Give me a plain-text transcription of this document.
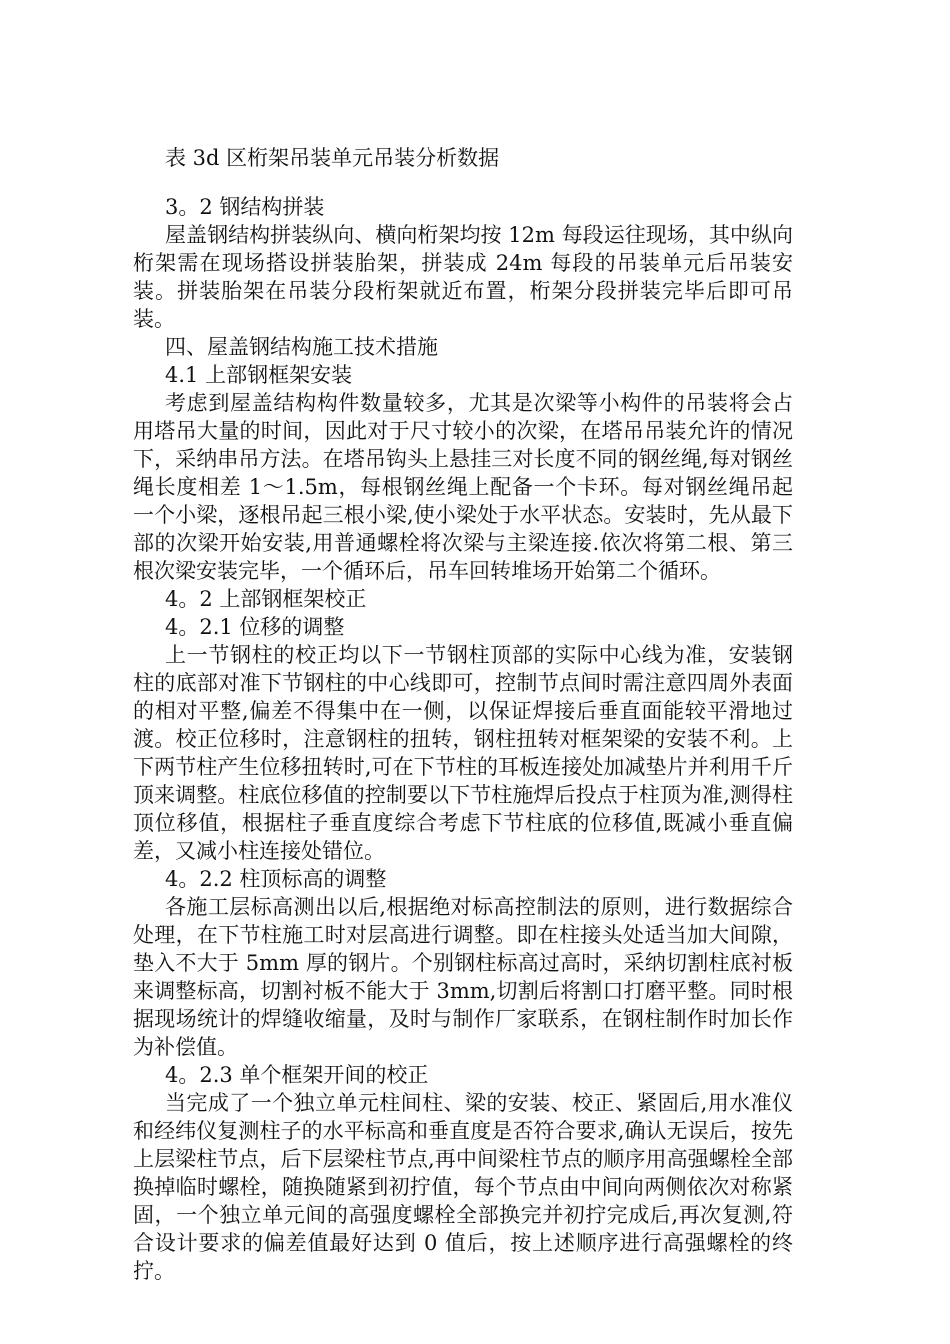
表 3d 区桁架吊装单元吊装分析数据

3。2 钢结构拼装

屋盖钢结构拼装纵向、横向桁架均按 12m 每段运往现场，其中纵向桁架需在现场搭设拼装胎架，拼装成 24m 每段的吊装单元后吊装安装。拼装胎架在吊装分段桁架就近布置，桁架分段拼装完毕后即可吊装。

四、屋盖钢结构施工技术措施

4.1 上部钢框架安装

考虑到屋盖结构构件数量较多，尤其是次梁等小构件的吊装将会占用塔吊大量的时间，因此对于尺寸较小的次梁，在塔吊吊装允许的情况下，采纳串吊方法。在塔吊钩头上悬挂三对长度不同的钢丝绳,每对钢丝绳长度相差 1～1.5m，每根钢丝绳上配备一个卡环。每对钢丝绳吊起一个小梁，逐根吊起三根小梁,使小梁处于水平状态。安装时，先从最下部的次梁开始安装,用普通螺栓将次梁与主梁连接.依次将第二根、第三根次梁安装完毕，一个循环后，吊车回转堆场开始第二个循环。

4。2 上部钢框架校正

4。2.1 位移的调整

上一节钢柱的校正均以下一节钢柱顶部的实际中心线为准，安装钢柱的底部对准下节钢柱的中心线即可，控制节点间时需注意四周外表面的相对平整,偏差不得集中在一侧，以保证焊接后垂直面能较平滑地过渡。校正位移时，注意钢柱的扭转，钢柱扭转对框架梁的安装不利。上下两节柱产生位移扭转时,可在下节柱的耳板连接处加减垫片并利用千斤顶来调整。柱底位移值的控制要以下节柱施焊后投点于柱顶为准,测得柱顶位移值，根据柱子垂直度综合考虑下节柱底的位移值,既减小垂直偏差，又减小柱连接处错位。

4。2.2 柱顶标高的调整

各施工层标高测出以后,根据绝对标高控制法的原则，进行数据综合处理，在下节柱施工时对层高进行调整。即在柱接头处适当加大间隙，垫入不大于 5mm 厚的钢片。个别钢柱标高过高时，采纳切割柱底衬板来调整标高，切割衬板不能大于 3mm,切割后将割口打磨平整。同时根据现场统计的焊缝收缩量，及时与制作厂家联系，在钢柱制作时加长作为补偿值。

4。2.3 单个框架开间的校正

当完成了一个独立单元柱间柱、梁的安装、校正、紧固后,用水准仪和经纬仪复测柱子的水平标高和垂直度是否符合要求,确认无误后，按先上层梁柱节点，后下层梁柱节点,再中间梁柱节点的顺序用高强螺栓全部换掉临时螺栓，随换随紧到初拧值，每个节点由中间向两侧依次对称紧固，一个独立单元间的高强度螺栓全部换完并初拧完成后,再次复测,符合设计要求的偏差值最好达到 0 值后，按上述顺序进行高强螺栓的终拧。
